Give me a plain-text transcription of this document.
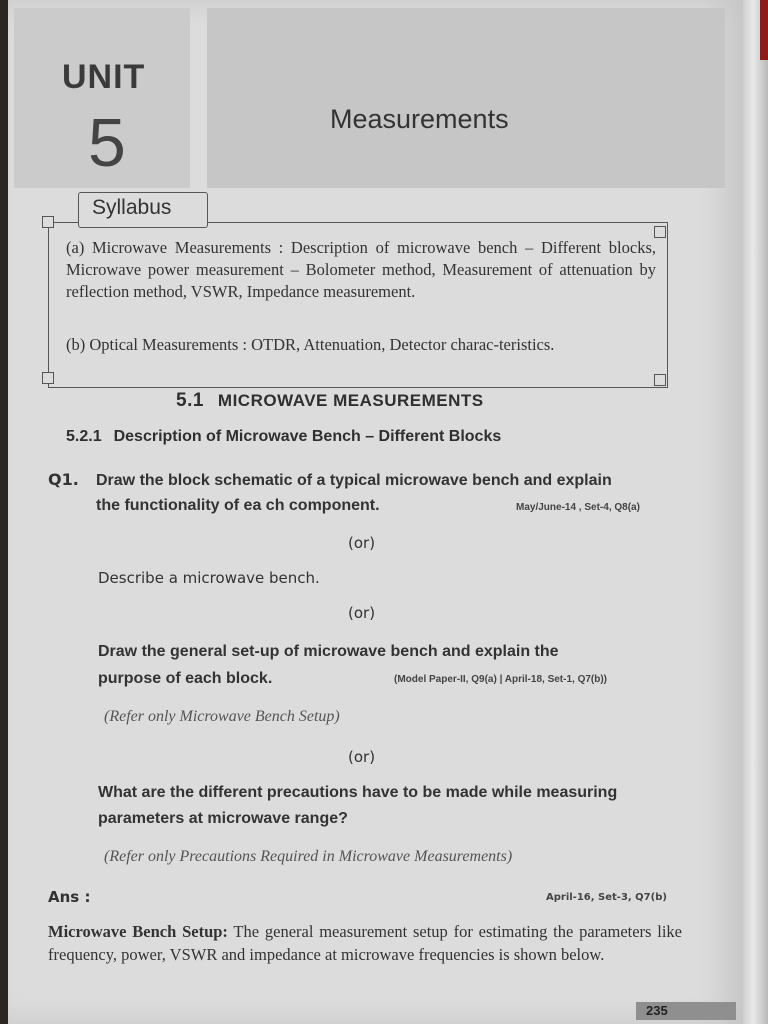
UNIT
5	Measurements
Syllabus
(a) Microwave Measurements : Description of microwave bench – Different blocks, Microwave power measurement – Bolometer method, Measurement of attenuation by reflection method, VSWR, Impedance measurement.
(b) Optical Measurements : OTDR, Attenuation, Detector charac-teristics.
5.1 MICROWAVE MEASUREMENTS
5.2.1 Description of Microwave Bench – Different Blocks
Q1. Draw the block schematic of a typical microwave bench and explain
the functionality of ea ch component.	May/June-14 , Set-4, Q8(a)
(or)
Describe a microwave bench.
(or)
Draw the general set-up of microwave bench and explain the
purpose of each block.	(Model Paper-II, Q9(a) | April-18, Set-1, Q7(b))
(Refer only Microwave Bench Setup)
(or)
What are the different precautions have to be made while measuring
parameters at microwave range?
(Refer only Precautions Required in Microwave Measurements)
Ans :	April-16, Set-3, Q7(b)
Microwave Bench Setup: The general measurement setup for estimating the parameters like frequency, power, VSWR and impedance at microwave frequencies is shown below.
235
